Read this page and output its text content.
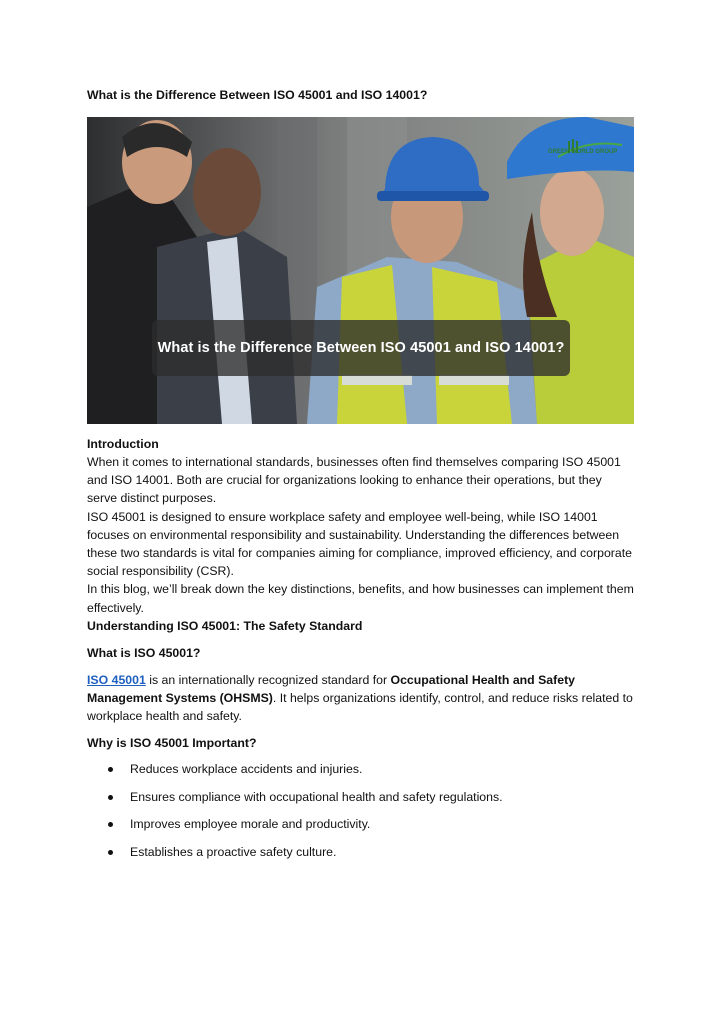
What is the Difference Between ISO 45001 and ISO 14001?
GREEN WORLD GROUP
What is the Difference Between ISO 45001 and ISO 14001?
Introduction

When it comes to international standards, businesses often find themselves comparing ISO 45001 and ISO 14001. Both are crucial for organizations looking to enhance their operations, but they serve distinct purposes.

ISO 45001 is designed to ensure workplace safety and employee well-being, while ISO 14001 focuses on environmental responsibility and sustainability. Understanding the differences between these two standards is vital for companies aiming for compliance, improved efficiency, and corporate social responsibility (CSR).

In this blog, we’ll break down the key distinctions, benefits, and how businesses can implement them effectively.

Understanding ISO 45001: The Safety Standard
What is ISO 45001?

ISO 45001 is an internationally recognized standard for Occupational Health and Safety Management Systems (OHSMS). It helps organizations identify, control, and reduce risks related to workplace health and safety.

Why is ISO 45001 Important?
Reduces workplace accidents and injuries.
Ensures compliance with occupational health and safety regulations.
Improves employee morale and productivity.
Establishes a proactive safety culture.
